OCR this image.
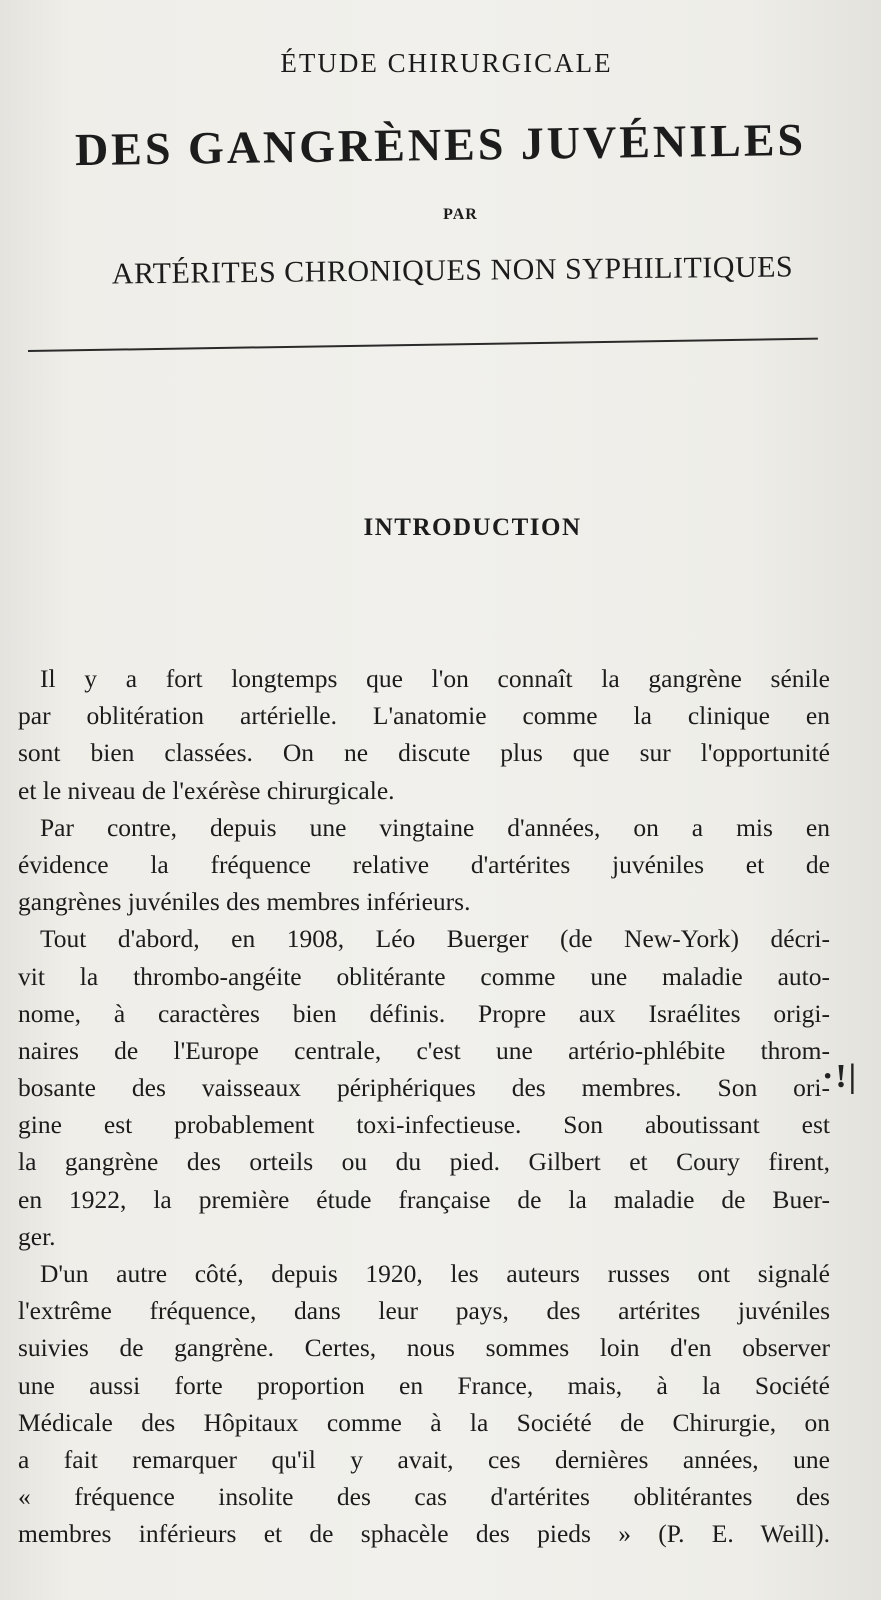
ÉTUDE CHIRURGICALE
DES GANGRÈNES JUVÉNILES
PAR
ARTÉRITES CHRONIQUES NON SYPHILITIQUES
INTRODUCTION
Il y a fort longtemps que l'on connaît la gangrène sénile
par oblitération artérielle. L'anatomie comme la clinique en
sont bien classées. On ne discute plus que sur l'opportunité
et le niveau de l'exérèse chirurgicale.
Par contre, depuis une vingtaine d'années, on a mis en
évidence la fréquence relative d'artérites juvéniles et de
gangrènes juvéniles des membres inférieurs.
Tout d'abord, en 1908, Léo Buerger (de New-York) décri-
vit la thrombo-angéite oblitérante comme une maladie auto-
nome, à caractères bien définis. Propre aux Israélites origi-
naires de l'Europe centrale, c'est une artério-phlébite throm-
bosante des vaisseaux périphériques des membres. Son ori-
gine est probablement toxi-infectieuse. Son aboutissant est
la gangrène des orteils ou du pied. Gilbert et Coury firent,
en 1922, la première étude française de la maladie de Buer-
ger.
D'un autre côté, depuis 1920, les auteurs russes ont signalé
l'extrême fréquence, dans leur pays, des artérites juvéniles
suivies de gangrène. Certes, nous sommes loin d'en observer
une aussi forte proportion en France, mais, à la Société
Médicale des Hôpitaux comme à la Société de Chirurgie, on
a fait remarquer qu'il y avait, ces dernières années, une
« fréquence insolite des cas d'artérites oblitérantes des
membres inférieurs et de sphacèle des pieds » (P. E. Weill).
·!|
